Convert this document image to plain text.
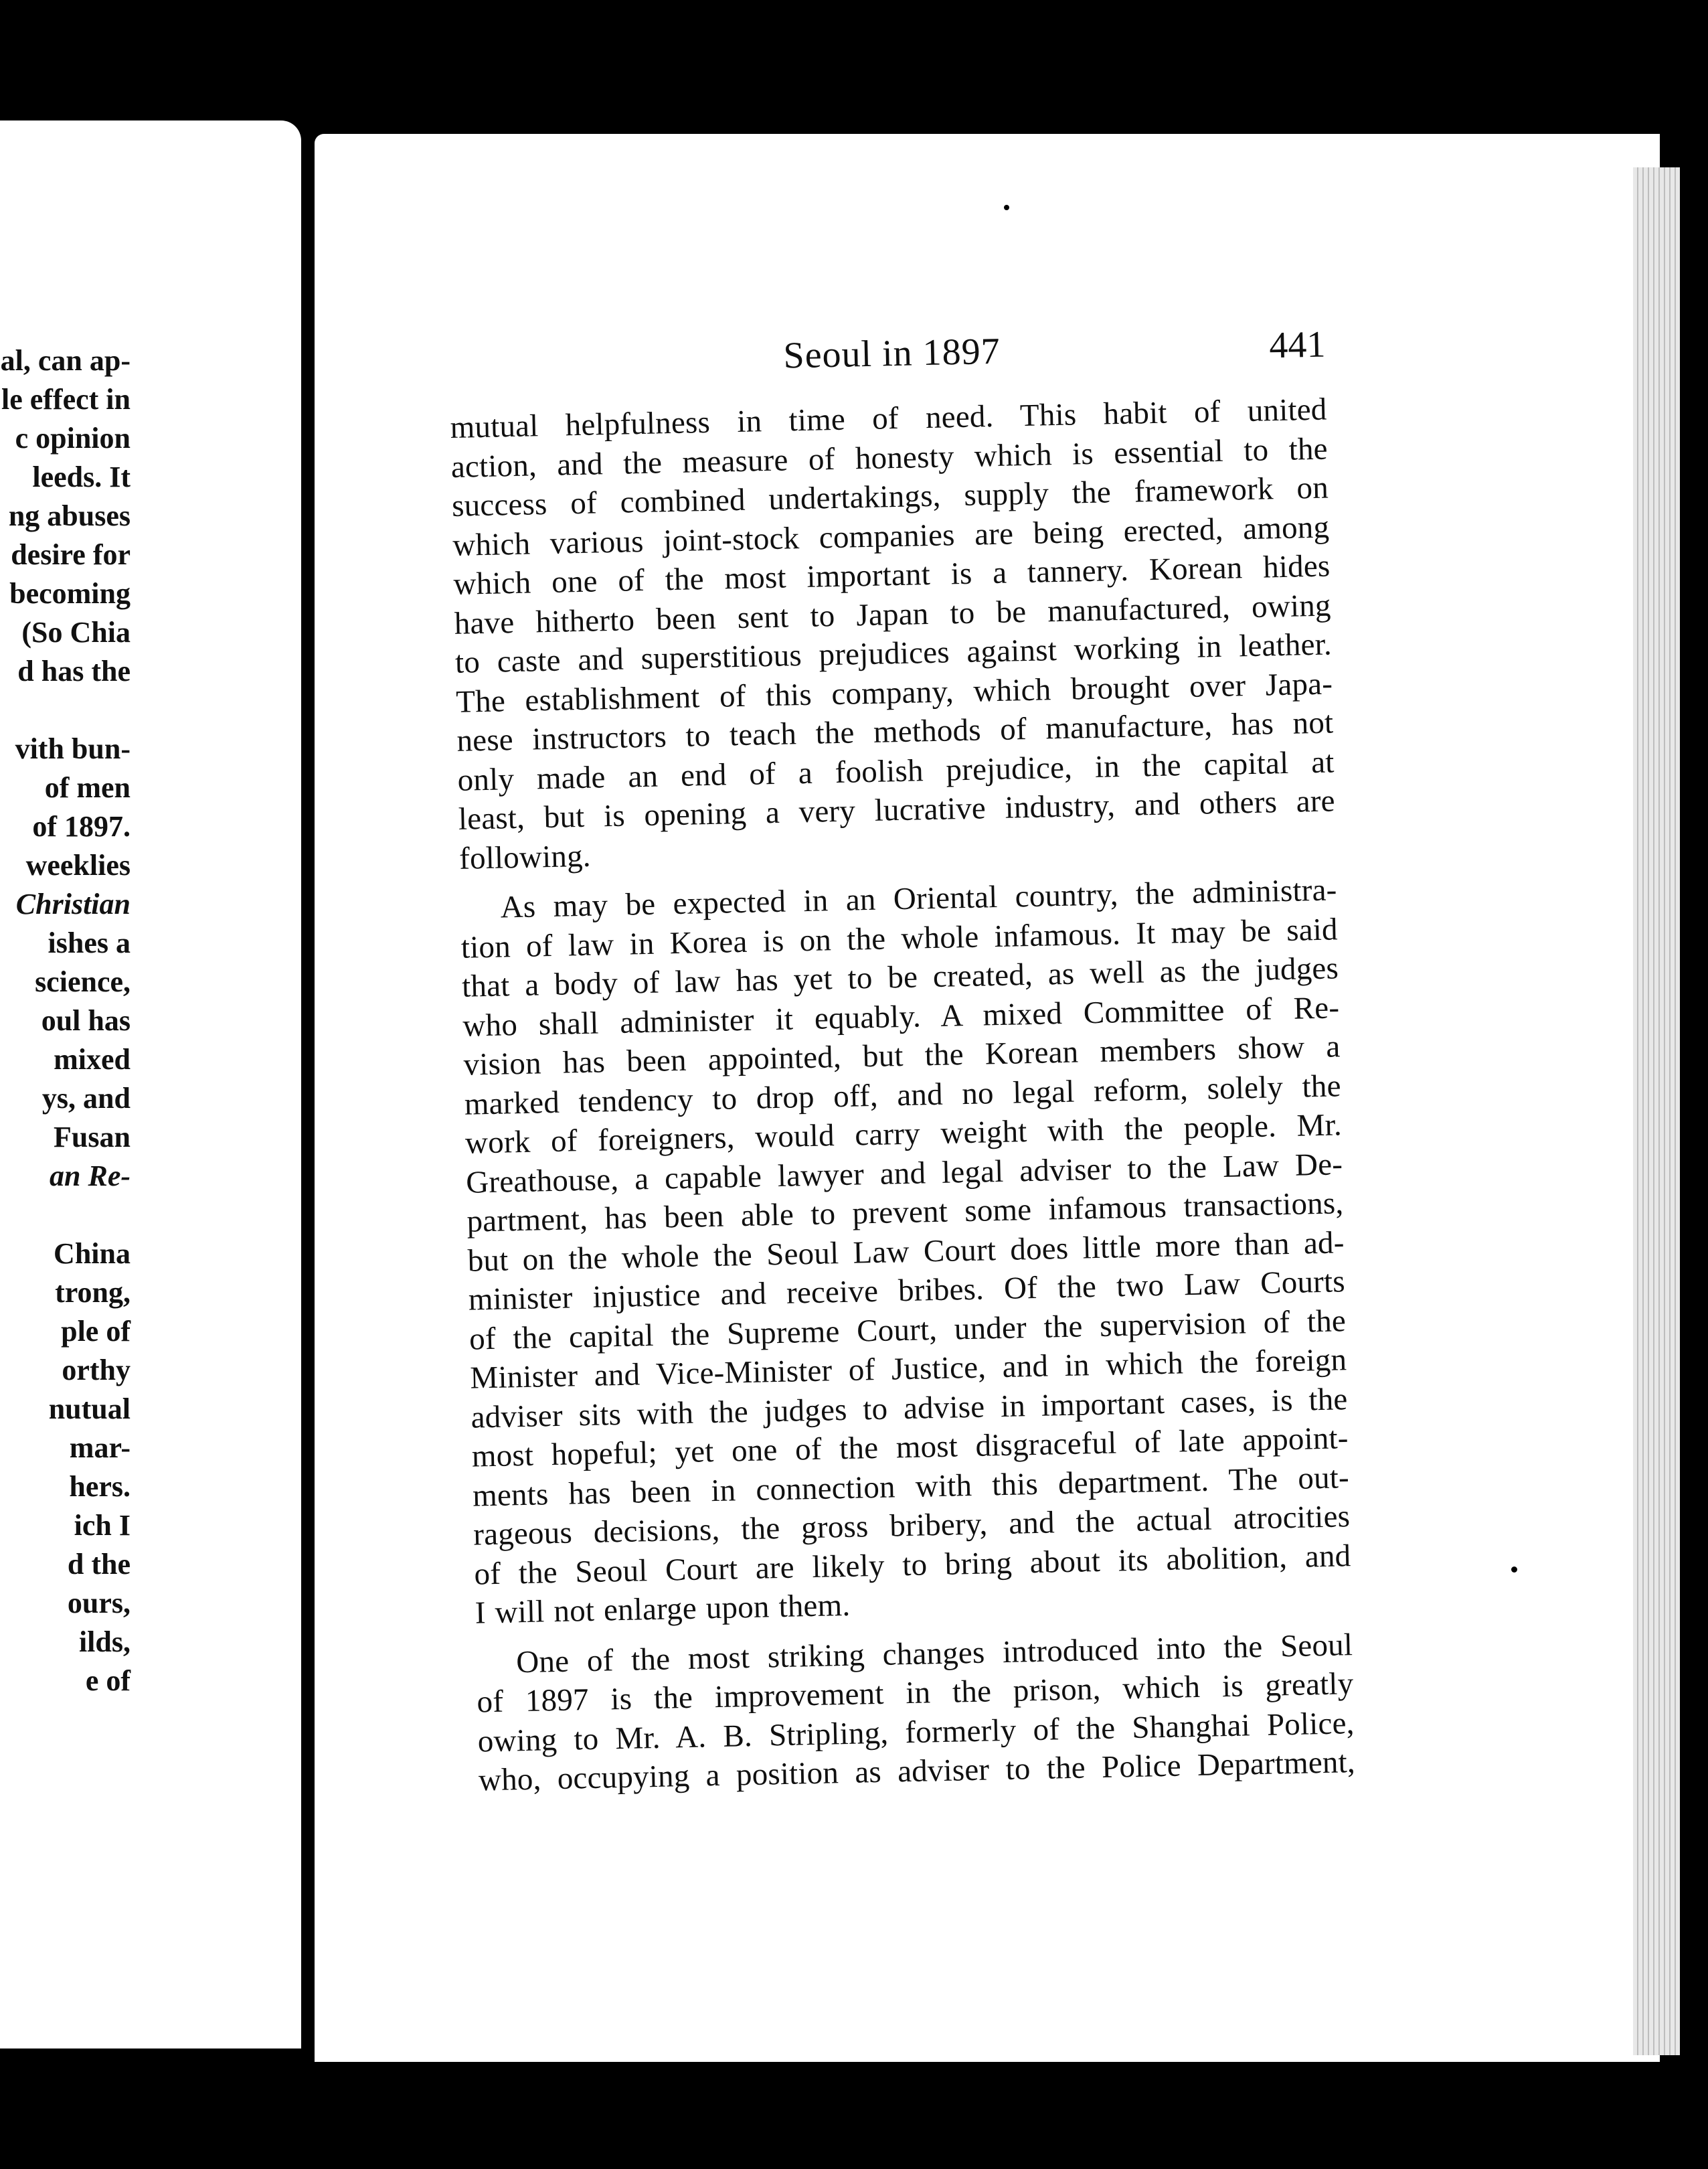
al, can ap-
le effect in
c opinion
leeds. It
ng abuses
desire for
becoming
(So Chia
d has the
vith bun-
of men
of 1897.
weeklies
Christian
ishes a
science,
oul has
mixed
ys, and
Fusan
an Re-
China
trong,
ple of
orthy
nutual
mar-
hers.
ich I
d the
ours,
ilds,
e of
Seoul in 1897	441
mutual helpfulness in time of need. This habit of united
action, and the measure of honesty which is essential to the
success of combined undertakings, supply the framework on
which various joint-stock companies are being erected, among
which one of the most important is a tannery. Korean hides
have hitherto been sent to Japan to be manufactured, owing
to caste and superstitious prejudices against working in leather.
The establishment of this company, which brought over Japa-
nese instructors to teach the methods of manufacture, has not
only made an end of a foolish prejudice, in the capital at
least, but is opening a very lucrative industry, and others are
following.
As may be expected in an Oriental country, the administra-
tion of law in Korea is on the whole infamous. It may be said
that a body of law has yet to be created, as well as the judges
who shall administer it equably. A mixed Committee of Re-
vision has been appointed, but the Korean members show a
marked tendency to drop off, and no legal reform, solely the
work of foreigners, would carry weight with the people. Mr.
Greathouse, a capable lawyer and legal adviser to the Law De-
partment, has been able to prevent some infamous transactions,
but on the whole the Seoul Law Court does little more than ad-
minister injustice and receive bribes. Of the two Law Courts
of the capital the Supreme Court, under the supervision of the
Minister and Vice-Minister of Justice, and in which the foreign
adviser sits with the judges to advise in important cases, is the
most hopeful; yet one of the most disgraceful of late appoint-
ments has been in connection with this department. The out-
rageous decisions, the gross bribery, and the actual atrocities
of the Seoul Court are likely to bring about its abolition, and
I will not enlarge upon them.
One of the most striking changes introduced into the Seoul
of 1897 is the improvement in the prison, which is greatly
owing to Mr. A. B. Stripling, formerly of the Shanghai Police,
who, occupying a position as adviser to the Police Department,
